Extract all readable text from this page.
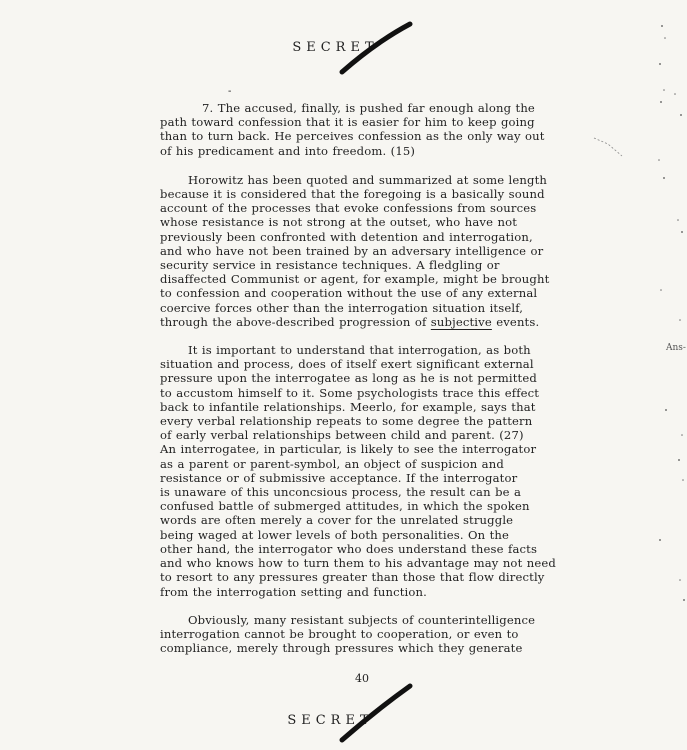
SECRET
-
7. The accused, finally, is pushed far enough along the
path toward confession that it is easier for him to keep going
than to turn back. He perceives confession as the only way out
of his predicament and into freedom. (15)
Horowitz has been quoted and summarized at some length
because it is considered that the foregoing is a basically sound
account of the processes that evoke confessions from sources
whose resistance is not strong at the outset, who have not
previously been confronted with detention and interrogation,
and who have not been trained by an adversary intelligence or
security service in resistance techniques. A fledgling or
disaffected Communist or agent, for example, might be brought
to confession and cooperation without the use of any external
coercive forces other than the interrogation situation itself,
through the above-described progression of subjective events.
It is important to understand that interrogation, as both
situation and process, does of itself exert significant external
pressure upon the interrogatee as long as he is not permitted
to accustom himself to it. Some psychologists trace this effect
back to infantile relationships. Meerlo, for example, says that
every verbal relationship repeats to some degree the pattern
of early verbal relationships between child and parent. (27)
An interrogatee, in particular, is likely to see the interrogator
as a parent or parent-symbol, an object of suspicion and
resistance or of submissive acceptance. If the interrogator
is unaware of this unconcsious process, the result can be a
confused battle of submerged attitudes, in which the spoken
words are often merely a cover for the unrelated struggle
being waged at lower levels of both personalities. On the
other hand, the interrogator who does understand these facts
and who knows how to turn them to his advantage may not need
to resort to any pressures greater than those that flow directly
from the interrogation setting and function.
Obviously, many resistant subjects of counterintelligence
interrogation cannot be brought to cooperation, or even to
compliance, merely through pressures which they generate
40
SECRET
Ans-
